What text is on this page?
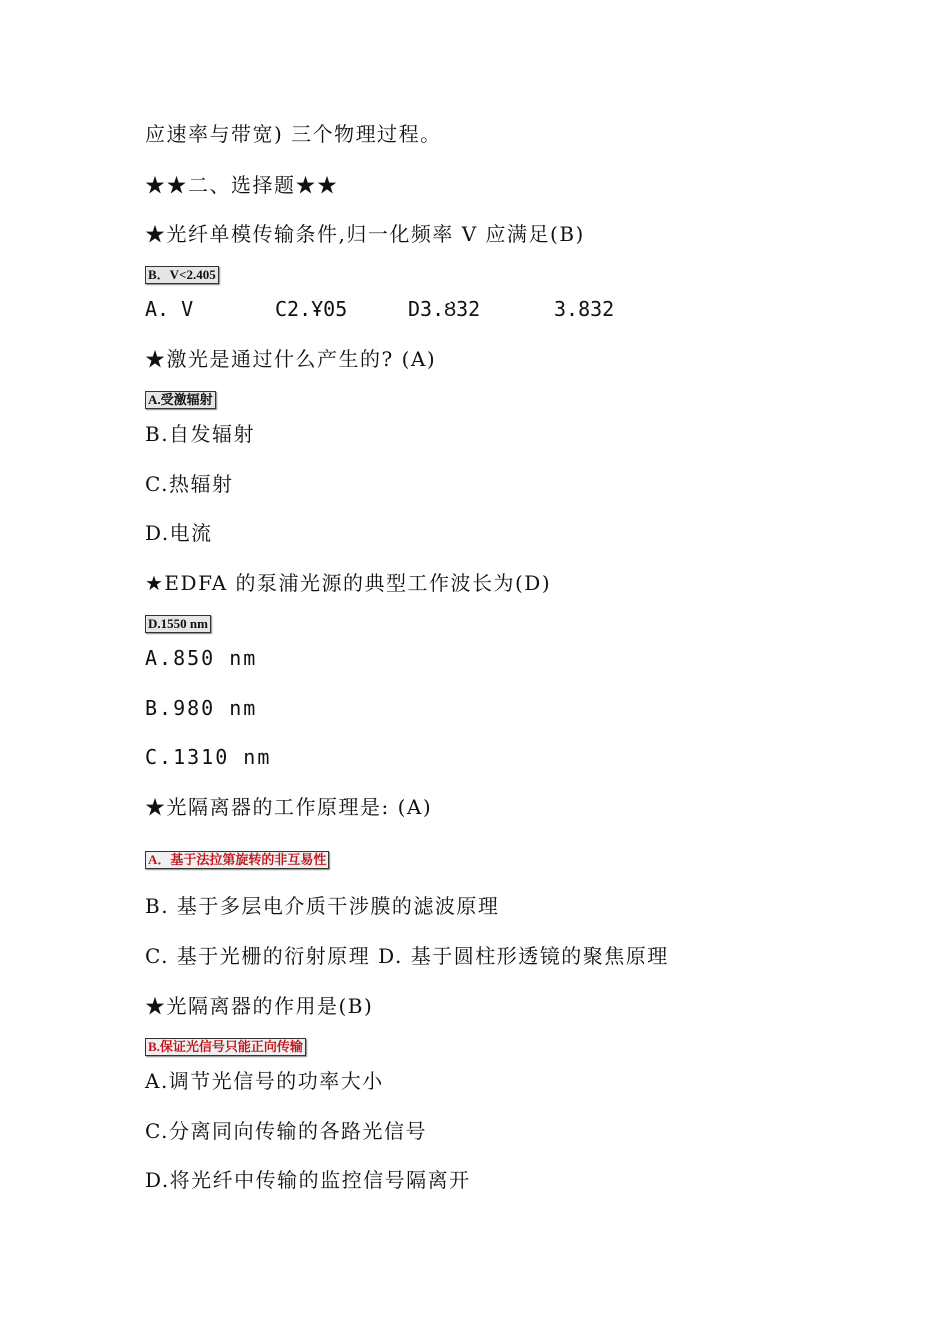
应速率与带宽) 三个物理过程。
★★二、选择题★★
★光纤单模传输条件,归一化频率 V 应满足(B)
B．V<2.405
A. V	C2.Ұ05	D3.Ȣ32	3.832
★激光是通过什么产生的? (A)
A.受激辐射
B.自发辐射
C.热辐射
D.电流
★EDFA 的泵浦光源的典型工作波长为(D)
D.1550 nm
A.850 nm
B.980 nm
C.1310 nm
★光隔离器的工作原理是: (A)
A．基于法拉第旋转的非互易性
B. 基于多层电介质干涉膜的滤波原理
C. 基于光栅的衍射原理 D. 基于圆柱形透镜的聚焦原理
★光隔离器的作用是(B)
B.保证光信号只能正向传输
A.调节光信号的功率大小
C.分离同向传输的各路光信号
D.将光纤中传输的监控信号隔离开
